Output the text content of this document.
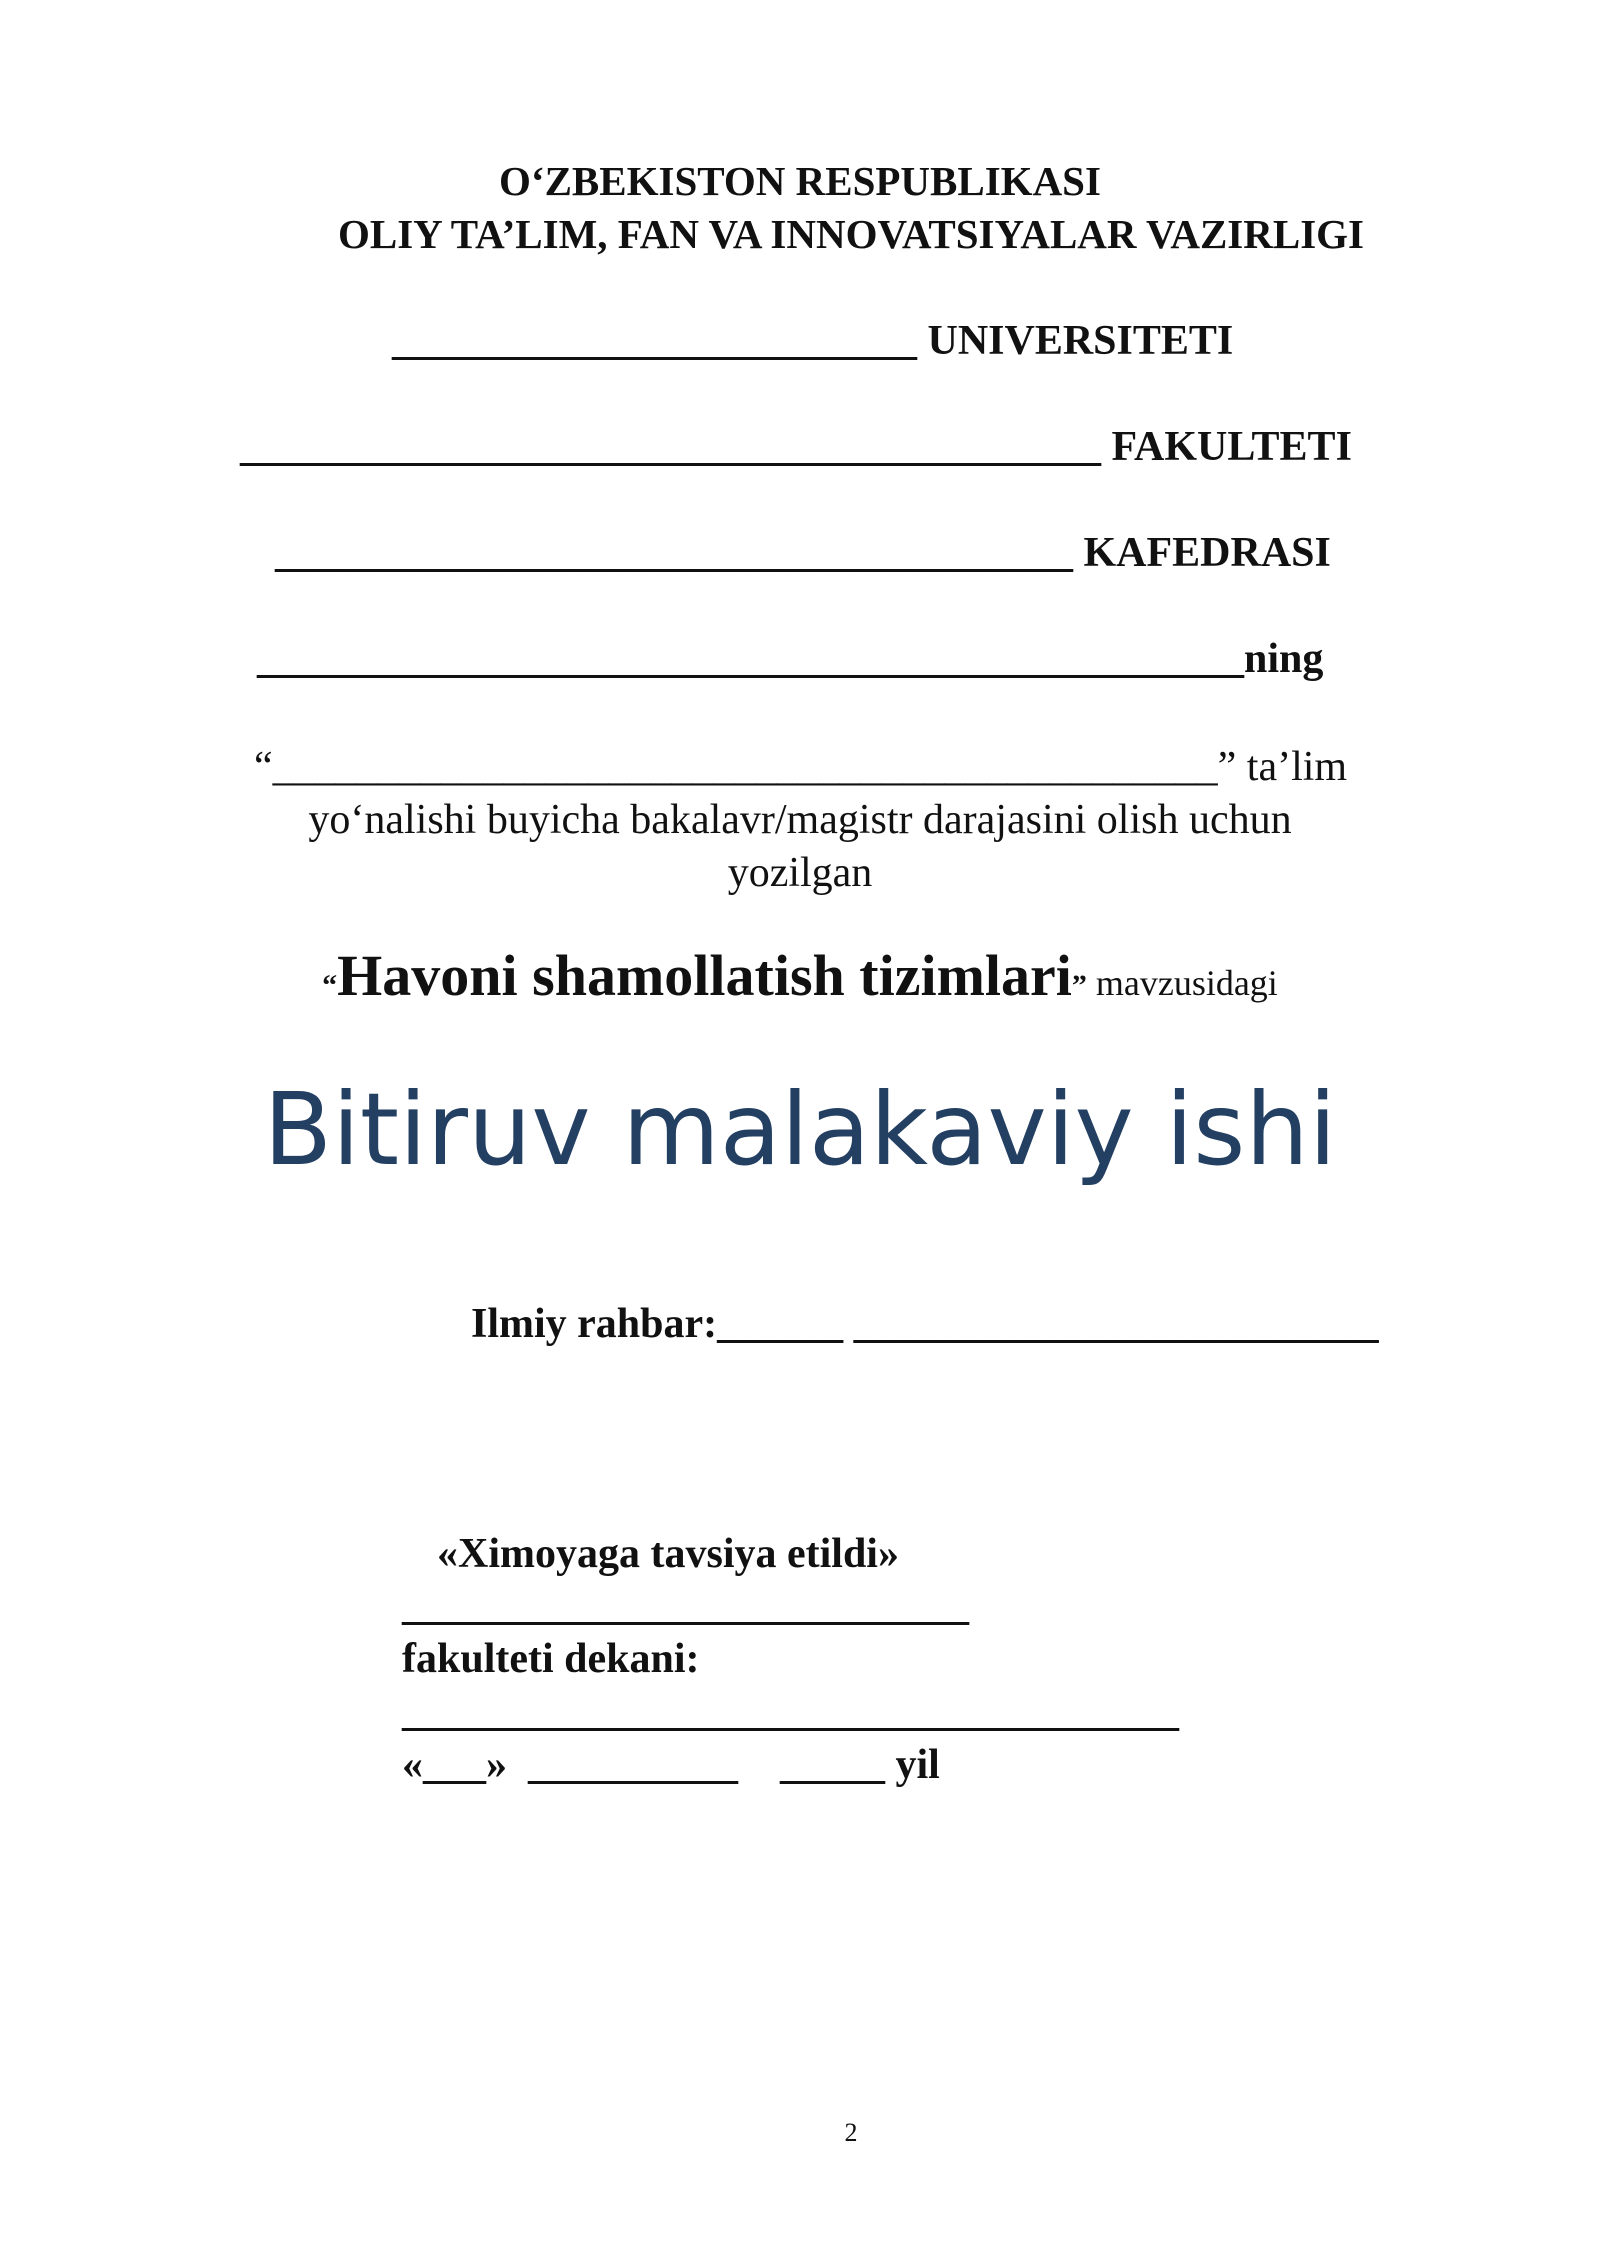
O‘ZBEKISTON RESPUBLIKASI
OLIY TA’LIM, FAN VA INNOVATSIYALAR VAZIRLIGI
_________________________ UNIVERSITETI
_________________________________________ FAKULTETI
______________________________________ KAFEDRASI
_______________________________________________ning
“_____________________________________________” ta’lim
yo‘nalishi buyicha bakalavr/magistr darajasini olish uchun
yozilgan
“Havoni shamollatish tizimlari” mavzusidagi
Bitiruv malakaviy ishi
Ilmiy rahbar:______ _________________________
«Ximoyaga tavsiya etildi»
___________________________
fakulteti dekani:
_____________________________________
«___» __________ _____ yil
2
